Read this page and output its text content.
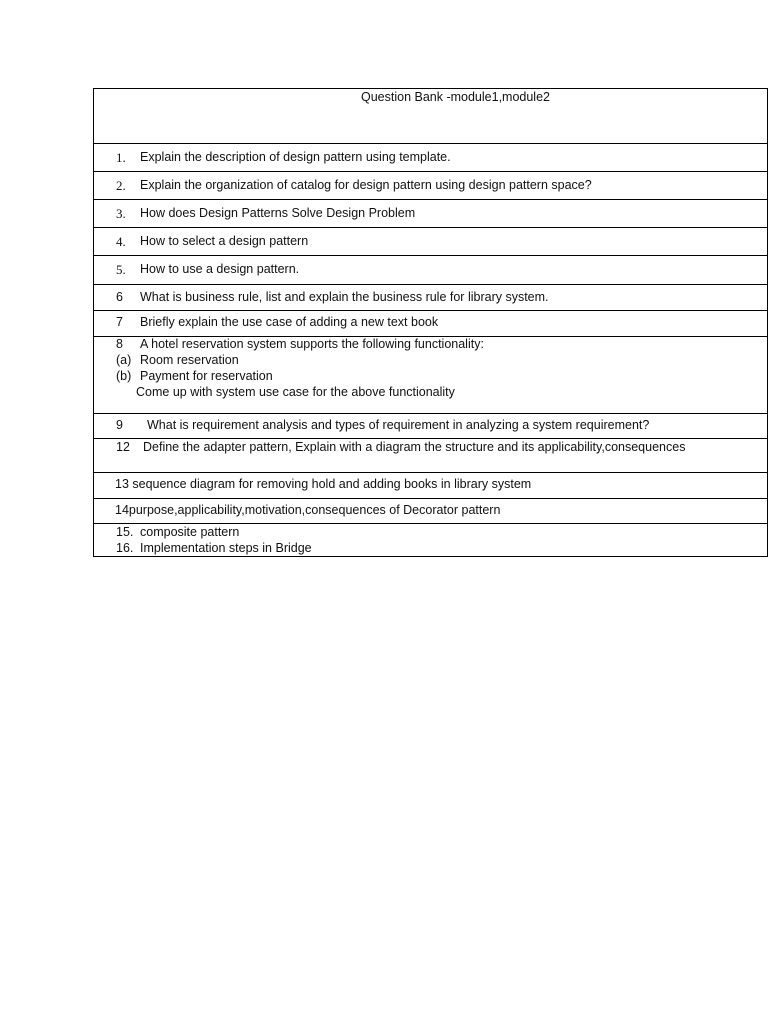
Question Bank -module1,module2
1. Explain the description of design pattern using template.
2. Explain the organization of catalog for design pattern using design pattern space?
3. How does Design Patterns Solve Design Problem
4. How to select a design pattern
5. How to use a design pattern.
6 What is business rule, list and explain the business rule for library system.
7 Briefly explain the use case of adding a new text book
8 A hotel reservation system supports the following functionality:
(a) Room reservation
(b) Payment for reservation
Come up with system use case for the above functionality
9 What is requirement analysis and types of requirement in analyzing a system requirement?
12 Define the adapter pattern, Explain with a diagram the structure and its applicability,consequences
13 sequence diagram for removing hold and adding books in library system
14purpose,applicability,motivation,consequences of Decorator pattern
15. composite pattern
16. Implementation steps in Bridge
